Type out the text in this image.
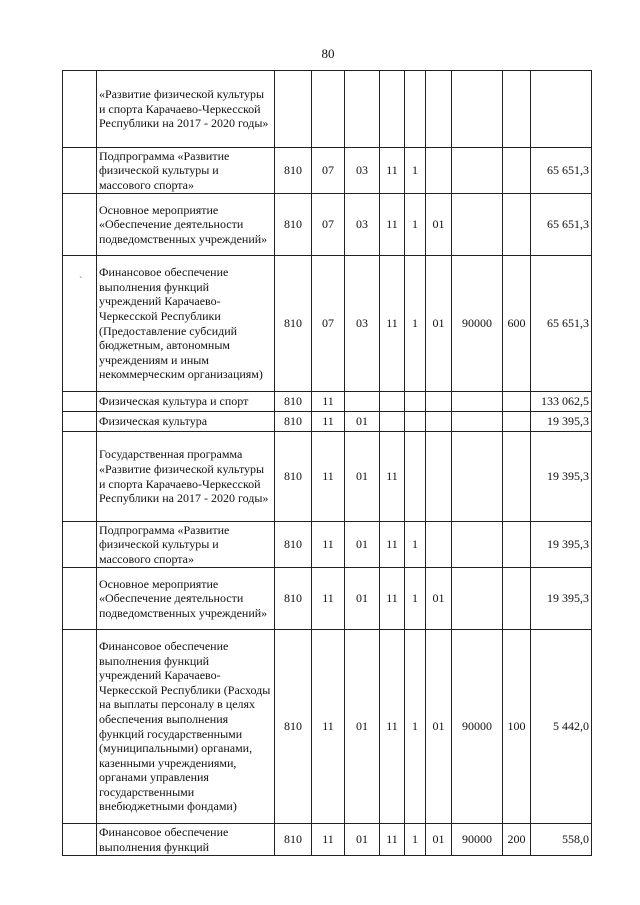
80
`
	«Развитие физической культуры и спорта Карачаево-Черкесской Республики на 2017 - 2020 годы»									
	Подпрограмма «Развитие физической культуры и массового спорта»	810	07	03	11	1				65 651,3
	Основное мероприятие «Обеспечение деятельности подведомственных учреждений»	810	07	03	11	1	01			65 651,3
	Финансовое обеспечение выполнения функций учреждений Карачаево-Черкесской Республики (Предоставление субсидий бюджетным, автономным учреждениям и иным некоммерческим организациям)	810	07	03	11	1	01	90000	600	65 651,3
	Физическая культура и спорт	810	11							133 062,5
	Физическая культура	810	11	01						19 395,3
	Государственная программа «Развитие физической культуры и спорта Карачаево-Черкесской Республики на 2017 - 2020 годы»	810	11	01	11					19 395,3
	Подпрограмма «Развитие физической культуры и массового спорта»	810	11	01	11	1				19 395,3
	Основное мероприятие «Обеспечение деятельности подведомственных учреждений»	810	11	01	11	1	01			19 395,3
	Финансовое обеспечение выполнения функций учреждений Карачаево-Черкесской Республики (Расходы на выплаты персоналу в целях обеспечения выполнения функций государственными (муниципальными) органами, казенными учреждениями, органами управления государственными внебюджетными фондами)	810	11	01	11	1	01	90000	100	5 442,0
	Финансовое обеспечение выполнения функций	810	11	01	11	1	01	90000	200	558,0
